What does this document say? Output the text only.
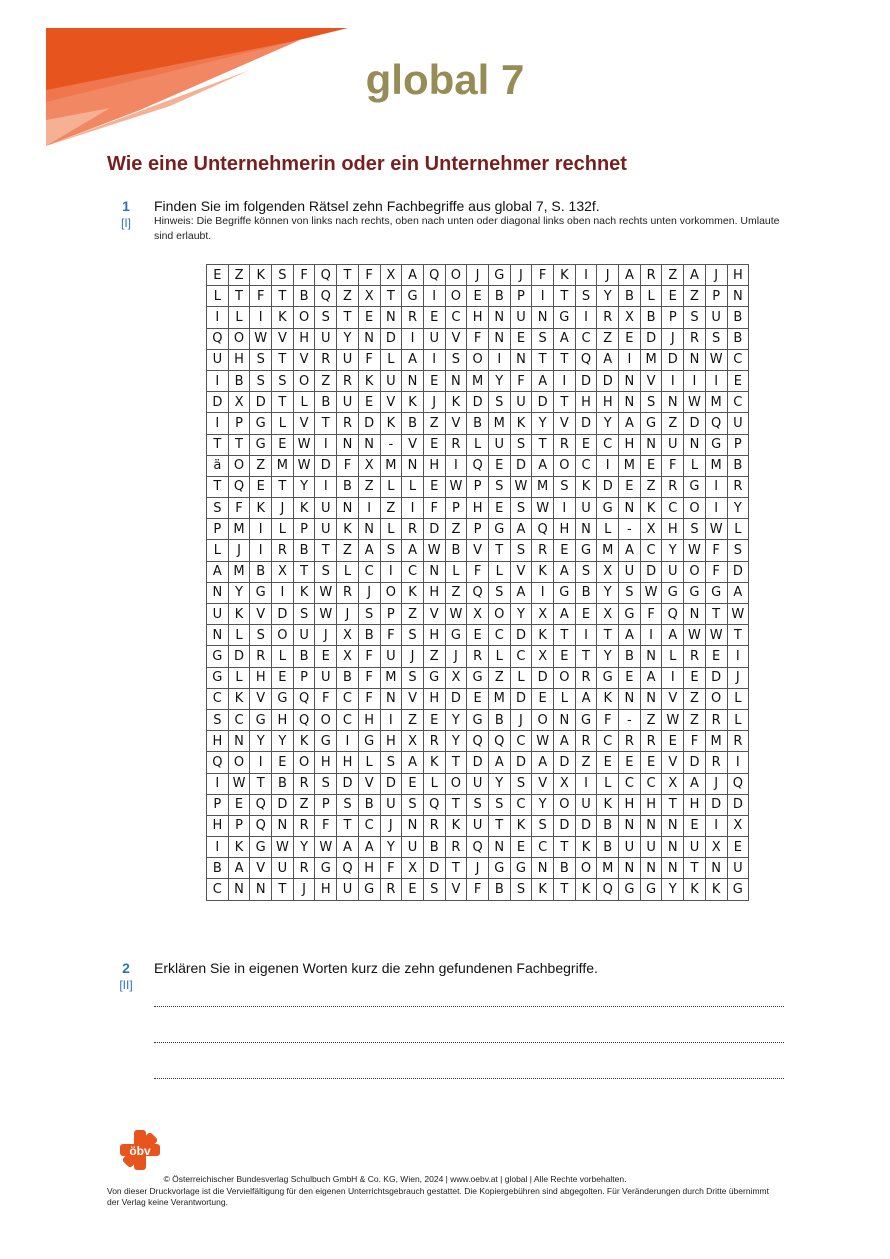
global 7
Wie eine Unternehmerin oder ein Unternehmer rechnet
1
[I]
Finden Sie im folgenden Rätsel zehn Fachbegriffe aus global 7, S. 132f.
Hinweis: Die Begriffe können von links nach rechts, oben nach unten oder diagonal links oben nach rechts unten vorkommen. Umlaute sind erlaubt.
E	Z	K	S	F	Q	T	F	X	A	Q	O	J	G	J	F	K	I	J	A	R	Z	A	J	H
L	T	F	T	B	Q	Z	X	T	G	I	O	E	B	P	I	T	S	Y	B	L	E	Z	P	N
I	L	I	K	O	S	T	E	N	R	E	C	H	N	U	N	G	I	R	X	B	P	S	U	B
Q	O	W	V	H	U	Y	N	D	I	U	V	F	N	E	S	A	C	Z	E	D	J	R	S	B
U	H	S	T	V	R	U	F	L	A	I	S	O	I	N	T	T	Q	A	I	M	D	N	W	C
I	B	S	S	O	Z	R	K	U	N	E	N	M	Y	F	A	I	D	D	N	V	I	I	I	E
D	X	D	T	L	B	U	E	V	K	J	K	D	S	U	D	T	H	H	N	S	N	W	M	C
I	P	G	L	V	T	R	D	K	B	Z	V	B	M	K	Y	V	D	Y	A	G	Z	D	Q	U
T	T	G	E	W	I	N	N	-	V	E	R	L	U	S	T	R	E	C	H	N	U	N	G	P
ä	O	Z	M	W	D	F	X	M	N	H	I	Q	E	D	A	O	C	I	M	E	F	L	M	B
T	Q	E	T	Y	I	B	Z	L	L	E	W	P	S	W	M	S	K	D	E	Z	R	G	I	R
S	F	K	J	K	U	N	I	Z	I	F	P	H	E	S	W	I	U	G	N	K	C	O	I	Y
P	M	I	L	P	U	K	N	L	R	D	Z	P	G	A	Q	H	N	L	-	X	H	S	W	L
L	J	I	R	B	T	Z	A	S	A	W	B	V	T	S	R	E	G	M	A	C	Y	W	F	S
A	M	B	X	T	S	L	C	I	C	N	L	F	L	V	K	A	S	X	U	D	U	O	F	D
N	Y	G	I	K	W	R	J	O	K	H	Z	Q	S	A	I	G	B	Y	S	W	G	G	G	A
U	K	V	D	S	W	J	S	P	Z	V	W	X	O	Y	X	A	E	X	G	F	Q	N	T	W
N	L	S	O	U	J	X	B	F	S	H	G	E	C	D	K	T	I	T	A	I	A	W	W	T
G	D	R	L	B	E	X	F	U	J	Z	J	R	L	C	X	E	T	Y	B	N	L	R	E	I
G	L	H	E	P	U	B	F	M	S	G	X	G	Z	L	D	O	R	G	E	A	I	E	D	J
C	K	V	G	Q	F	C	F	N	V	H	D	E	M	D	E	L	A	K	N	N	V	Z	O	L
S	C	G	H	Q	O	C	H	I	Z	E	Y	G	B	J	O	N	G	F	-	Z	W	Z	R	L
H	N	Y	Y	K	G	I	G	H	X	R	Y	Q	Q	C	W	A	R	C	R	R	E	F	M	R
Q	O	I	E	O	H	H	L	S	A	K	T	D	A	D	A	D	Z	E	E	E	V	D	R	I
I	W	T	B	R	S	D	V	D	E	L	O	U	Y	S	V	X	I	L	C	C	X	A	J	Q
P	E	Q	D	Z	P	S	B	U	S	Q	T	S	S	C	Y	O	U	K	H	H	T	H	D	D
H	P	Q	N	R	F	T	C	J	N	R	K	U	T	K	S	D	D	B	N	N	N	E	I	X
I	K	G	W	Y	W	A	A	Y	U	B	R	Q	N	E	C	T	K	B	U	U	N	U	X	E
B	A	V	U	R	G	Q	H	F	X	D	T	J	G	G	N	B	O	M	N	N	N	T	N	U
C	N	N	T	J	H	U	G	R	E	S	V	F	B	S	K	T	K	Q	G	G	Y	K	K	G
2
[II]
Erklären Sie in eigenen Worten kurz die zehn gefundenen Fachbegriffe.
öbv
© Österreichischer Bundesverlag Schulbuch GmbH & Co. KG, Wien, 2024 | www.oebv.at | global | Alle Rechte vorbehalten.
Von dieser Druckvorlage ist die Vervielfältigung für den eigenen Unterrichtsgebrauch gestattet. Die Kopiergebühren sind abgegolten. Für Veränderungen durch Dritte übernimmt der Verlag keine Verantwortung.
